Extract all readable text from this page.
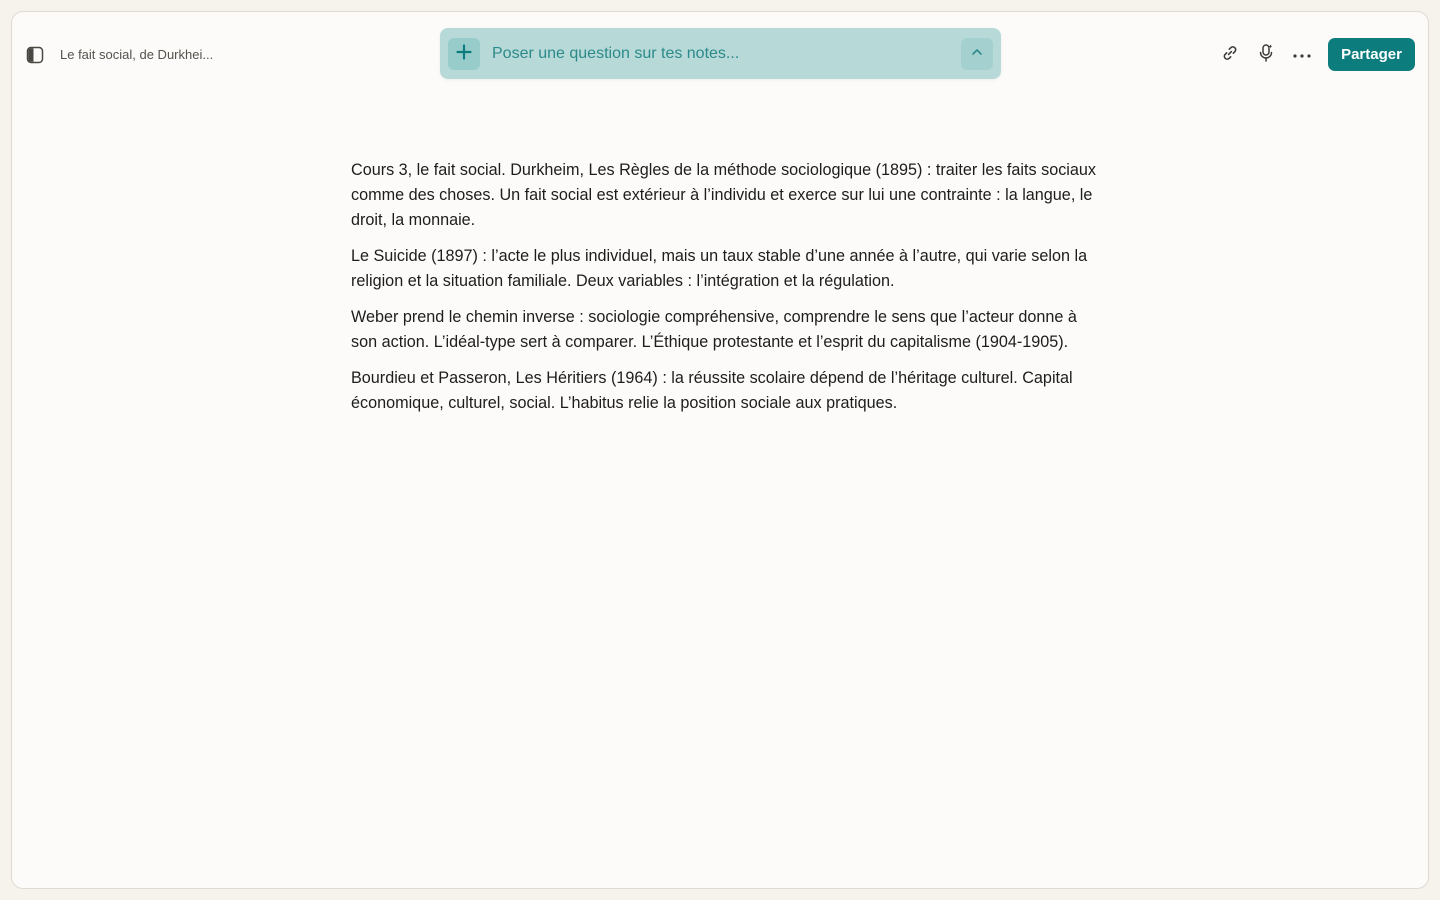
Le fait social, de Durkhei...
Poser une question sur tes notes...	Partager

Cours 3, le fait social. Durkheim, Les Règles de la méthode sociologique (1895) : traiter les faits sociaux comme des choses. Un fait social est extérieur à l’individu et exerce sur lui une contrainte : la langue, le droit, la monnaie.

Le Suicide (1897) : l’acte le plus individuel, mais un taux stable d’une année à l’autre, qui varie selon la religion et la situation familiale. Deux variables : l’intégration et la régulation.

Weber prend le chemin inverse : sociologie compréhensive, comprendre le sens que l’acteur donne à son action. L’idéal-type sert à comparer. L’Éthique protestante et l’esprit du capitalisme (1904-1905).

Bourdieu et Passeron, Les Héritiers (1964) : la réussite scolaire dépend de l’héritage culturel. Capital économique, culturel, social. L’habitus relie la position sociale aux pratiques.
